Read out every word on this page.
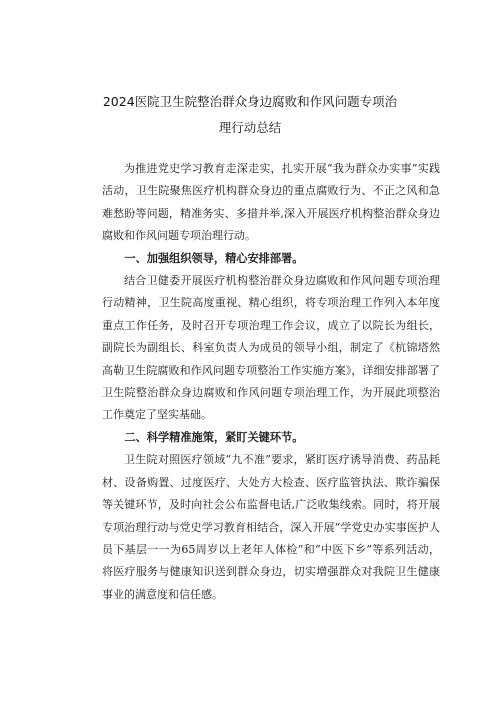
2024医院卫生院整治群众身边腐败和作风问题专项治
理行动总结

为推进党史学习教育走深走实，扎实开展“我为群众办实事”实践活动，卫生院聚焦医疗机构群众身边的重点腐败行为、不正之风和急难愁盼等问题，精准务实、多措并举,深入开展医疗机构整治群众身边腐败和作风问题专项治理行动。

一、加强组织领导，精心安排部署。

结合卫健委开展医疗机构整治群众身边腐败和作风问题专项治理行动精神，卫生院高度重视、精心组织，将专项治理工作列入本年度重点工作任务，及时召开专项治理工作会议，成立了以院长为组长，副院长为副组长、科室负责人为成员的领导小组，制定了《杭锦塔然高勒卫生院腐败和作风问题专项整治工作实施方案》，详细安排部署了卫生院整治群众身边腐败和作风问题专项治理工作，为开展此项整治工作奠定了坚实基础。

二、科学精准施策，紧盯关键环节。

卫生院对照医疗领域“九不准”要求，紧盯医疗诱导消费、药品耗材、设备购置、过度医疗、大处方大检查、医疗监管执法、欺诈骗保等关键环节，及时向社会公布监督电话,广泛收集线索。同时，将开展专项治理行动与党史学习教育相结合，深入开展“学党史办实事医护人员下基层一一为65周岁以上老年人体检”和“中医下乡”等系列活动，将医疗服务与健康知识送到群众身边，切实增强群众对我院卫生健康事业的满意度和信任感。
